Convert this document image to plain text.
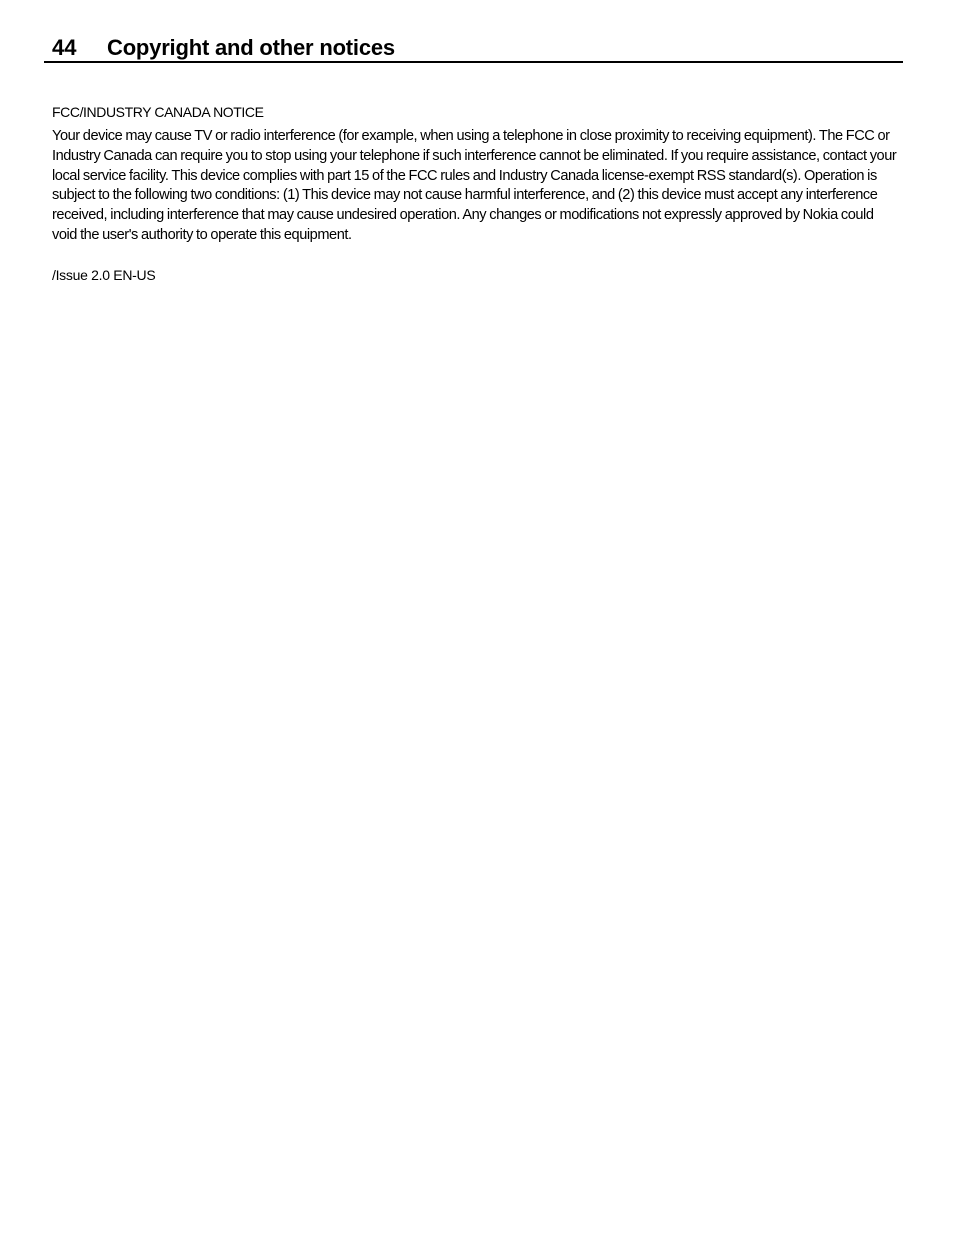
44 Copyright and other notices
FCC/INDUSTRY CANADA NOTICE

Your device may cause TV or radio interference (for example, when using a telephone in close proximity to receiving equipment). The FCC or Industry Canada can require you to stop using your telephone if such interference cannot be eliminated. If you require assistance, contact your local service facility. This device complies with part 15 of the FCC rules and Industry Canada license-exempt RSS standard(s). Operation is subject to the following two conditions: (1) This device may not cause harmful interference, and (2) this device must accept any interference received, including interference that may cause undesired operation. Any changes or modifications not expressly approved by Nokia could void the user's authority to operate this equipment.

/Issue 2.0 EN-US
